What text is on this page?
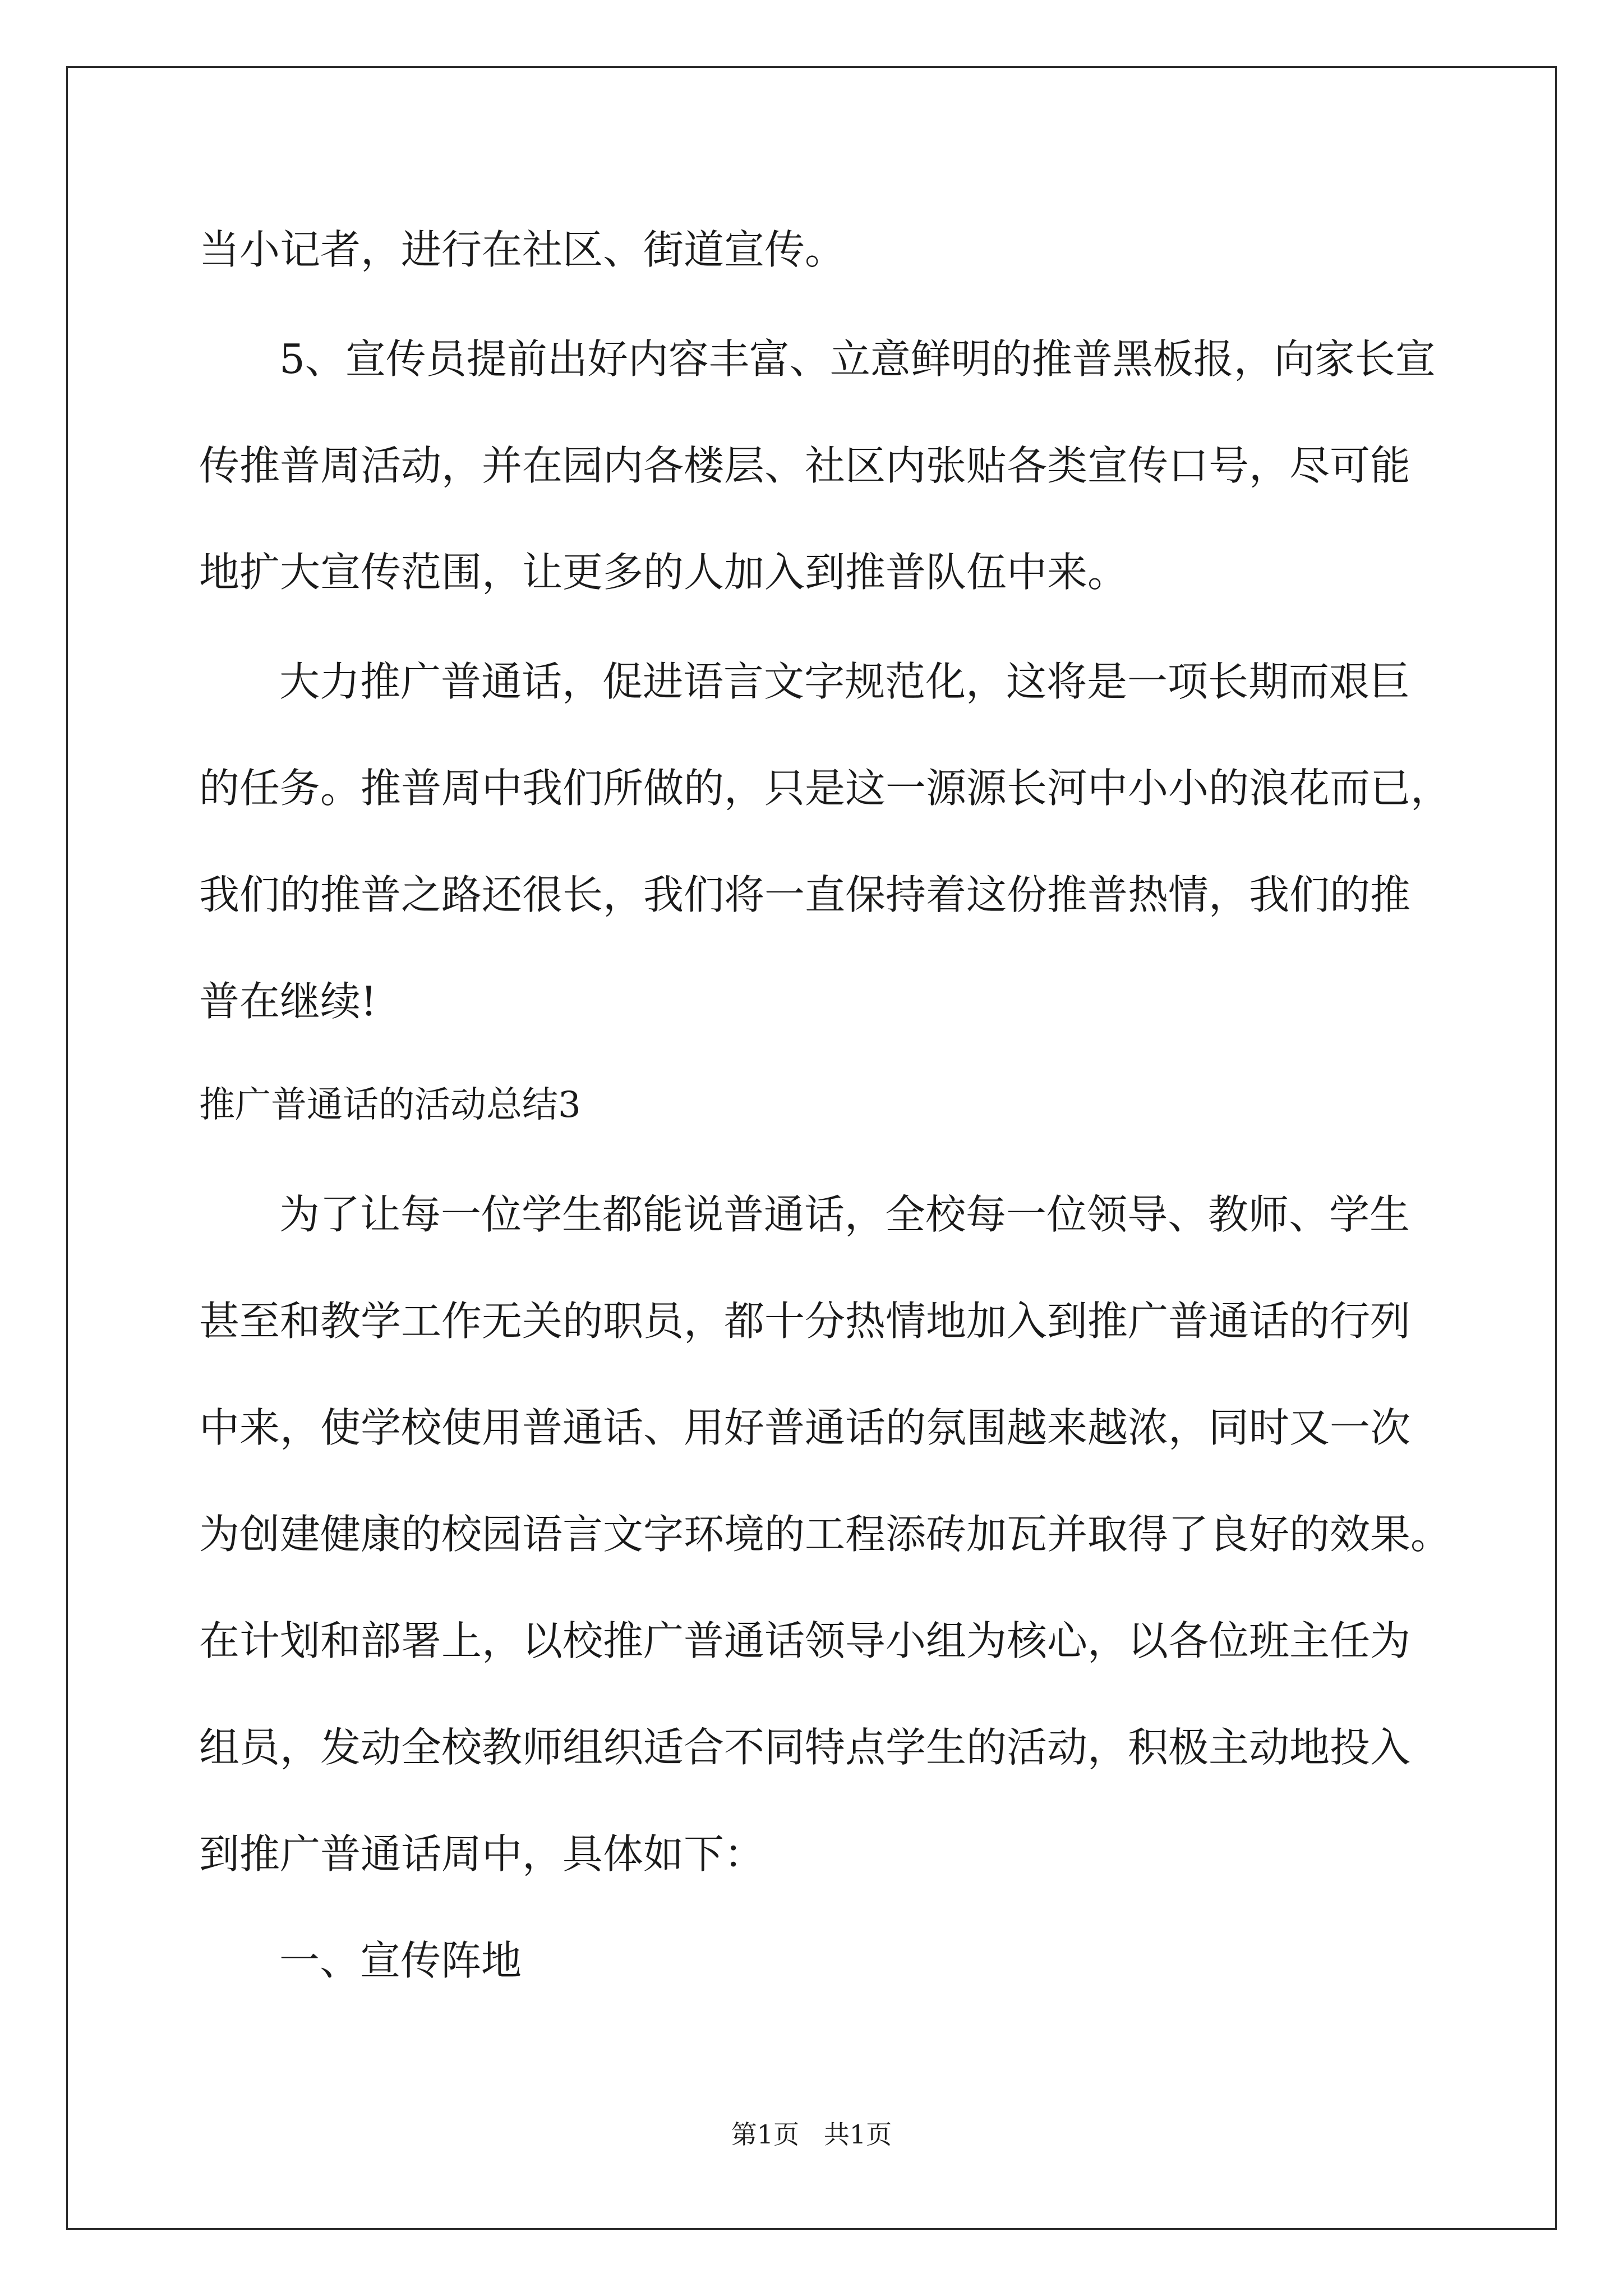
当小记者，进行在社区、街道宣传。
5、宣传员提前出好内容丰富、立意鲜明的推普黑板报，向家长宣
传推普周活动，并在园内各楼层、社区内张贴各类宣传口号，尽可能
地扩大宣传范围，让更多的人加入到推普队伍中来。
大力推广普通话，促进语言文字规范化，这将是一项长期而艰巨
的任务。推普周中我们所做的，只是这一源源长河中小小的浪花而已，
我们的推普之路还很长，我们将一直保持着这份推普热情，我们的推
普在继续!
推广普通话的活动总结3
为了让每一位学生都能说普通话，全校每一位领导、教师、学生
甚至和教学工作无关的职员，都十分热情地加入到推广普通话的行列
中来，使学校使用普通话、用好普通话的氛围越来越浓，同时又一次
为创建健康的校园语言文字环境的工程添砖加瓦并取得了良好的效果。
在计划和部署上，以校推广普通话领导小组为核心，以各位班主任为
组员，发动全校教师组织适合不同特点学生的活动，积极主动地投入
到推广普通话周中，具体如下：
一、宣传阵地
第1页   共1页
